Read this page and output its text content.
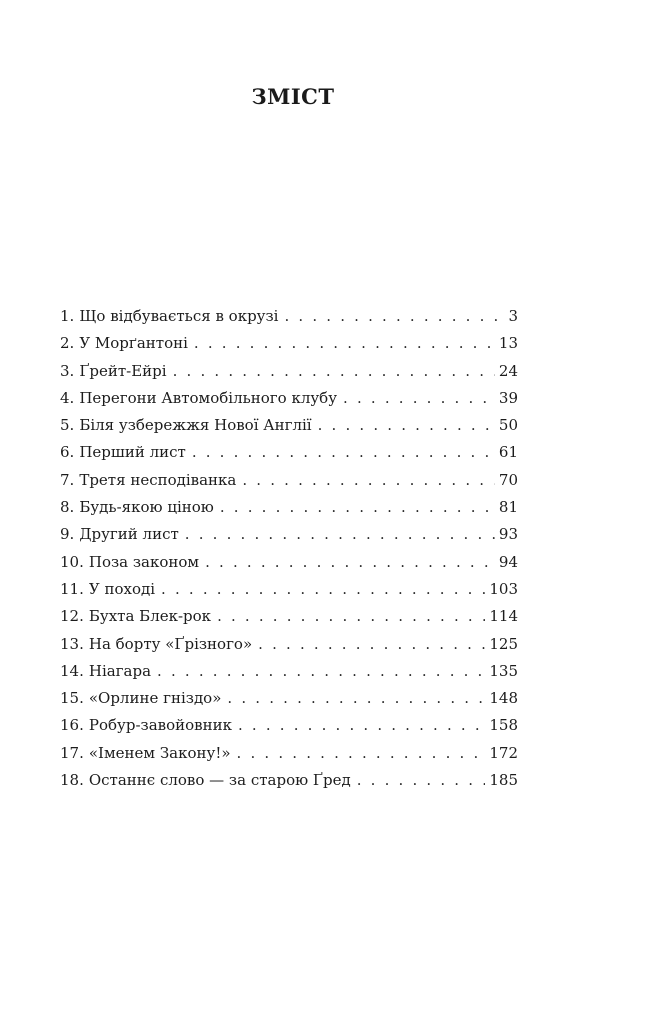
ЗМІСТ
1. Що відбувається в окрузі . . .	3
2. У Морґантоні . . .	13
3. Ґрейт-Ейрі . . .	24
4. Перегони Автомобільного клубу . . .	39
5. Біля узбережжя Нової Англії . . .	50
6. Перший лист . . .	61
7. Третя несподіванка . . .	70
8. Будь-якою ціною . . .	81
9. Другий лист . . .	93
10. Поза законом . . .	94
11. У поході . . .	103
12. Бухта Блек-рок . . .	114
13. На борту «Ґрізного» . . .	125
14. Ніагара . . .	135
15. «Орлине гніздо» . . .	148
16. Робур-завойовник . . .	158
17. «Іменем Закону!» . . .	172
18. Останнє слово — за старою Ґред . . .	185
